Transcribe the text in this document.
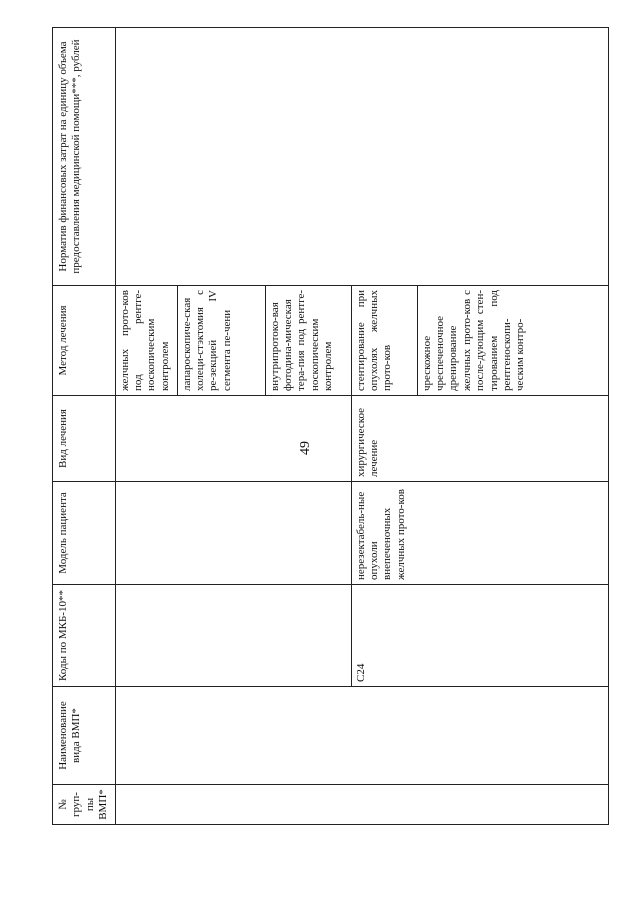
49
№ груп-пы ВМП*	Наименование вида ВМП*	Коды по МКБ-10**	Модель пациента	Вид лечения	Метод лечения	Норматив финансовых затрат на единицу объема предоставления медицинской помощи***, рублей
					желчных прото-ков под рентге-носкопическим контролем	
					лапароскопиче-ская холеци-стэктомия с ре-зекцией IV сегмента пе-чени	
					внутрипротоко-вая фотодина-мическая тера-пия под рентге-носкопическим контролем	
		C24	нерезектабель-ные опухоли внепеченочных желчных прото-ков	хирургическое лечение	стентирование при опухолях желчных прото-ков	
					чрескожное чреспеченочное дренирование желчных прото-ков с после-дующим стен-тированием под рентгеноскопи-ческим контро-	
